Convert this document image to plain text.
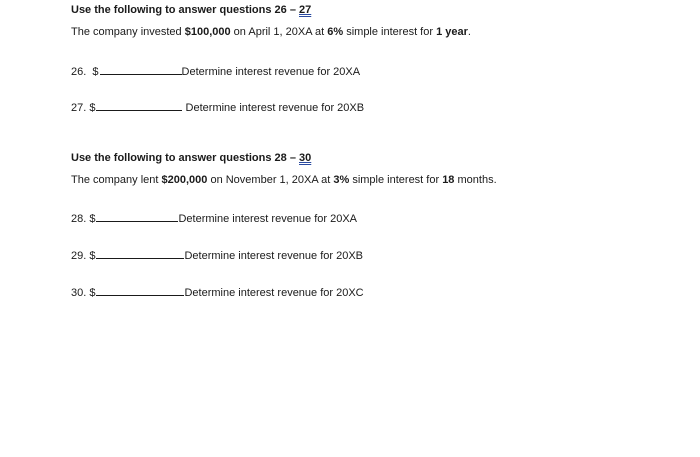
Use the following to answer questions 26 – 27
The company invested $100,000 on April 1, 20XA at 6% simple interest for 1 year.
26. $	Determine interest revenue for 20XA
27. $	Determine interest revenue for 20XB
Use the following to answer questions 28 – 30
The company lent $200,000 on November 1, 20XA at 3% simple interest for 18 months.
28. $	Determine interest revenue for 20XA
29. $	Determine interest revenue for 20XB
30. $	Determine interest revenue for 20XC
